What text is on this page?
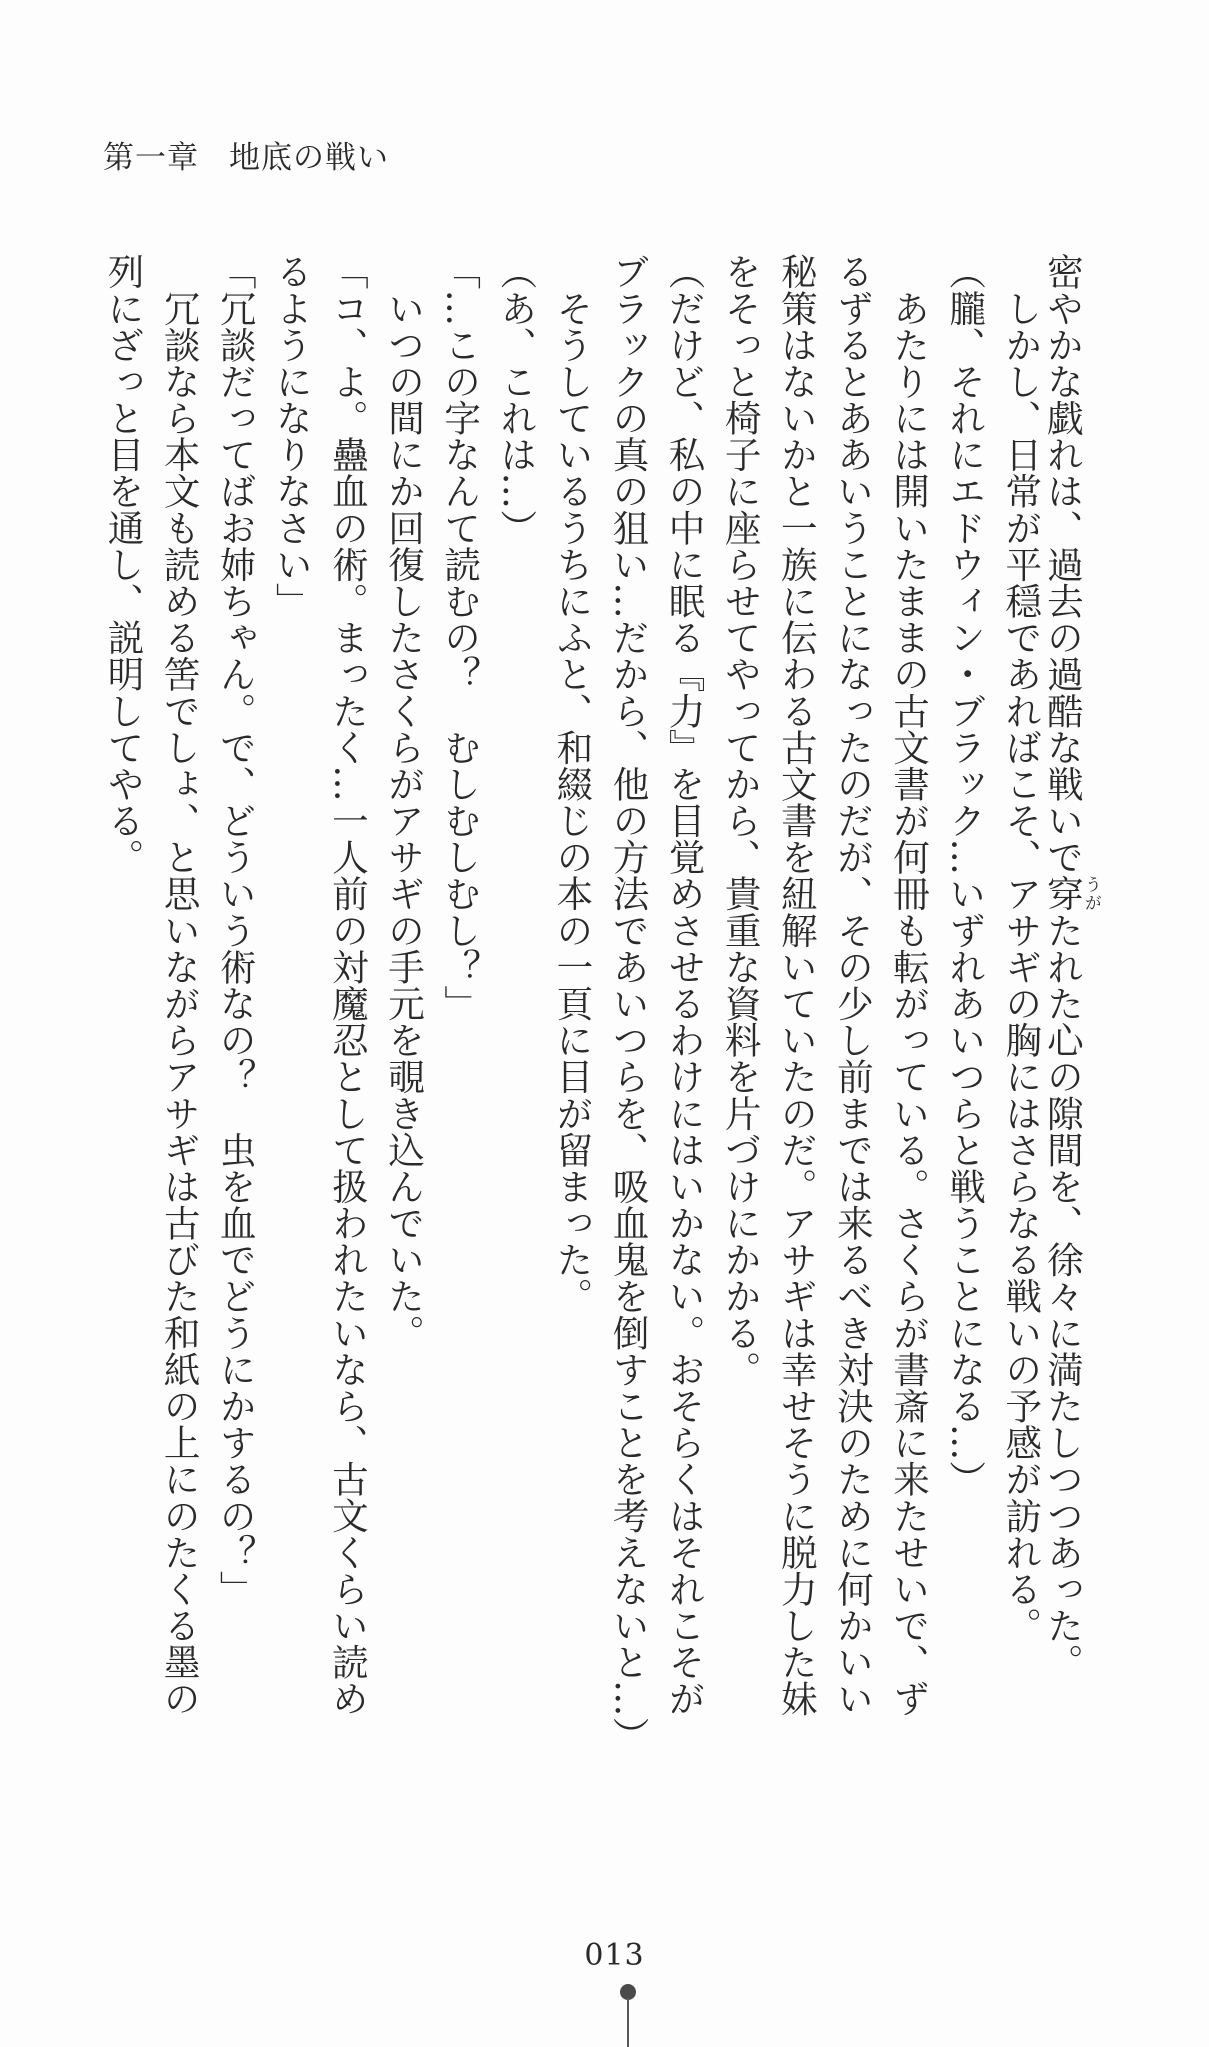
第一章 地底の戦い
密やかな戯れは、過去の過酷な戦いで穿うがたれた心の隙間を、徐々に満たしつつあった。
　しかし、日常が平穏であればこそ、アサギの胸にはさらなる戦いの予感が訪れる。
（朧、それにエドウィン・ブラック…いずれあいつらと戦うことになる…）
　あたりには開いたままの古文書が何冊も転がっている。さくらが書斎に来たせいで、ず
るずるとああいうことになったのだが、その少し前までは来るべき対決のために何かいい
秘策はないかと一族に伝わる古文書を紐解いていたのだ。アサギは幸せそうに脱力した妹
をそっと椅子に座らせてやってから、貴重な資料を片づけにかかる。
（だけど、私の中に眠る『力』を目覚めさせるわけにはいかない。おそらくはそれこそが
ブラックの真の狙い…だから、他の方法であいつらを、吸血鬼を倒すことを考えないと…）
　そうしているうちにふと、和綴じの本の一頁に目が留まった。
（あ、これは…）
「…この字なんて読むの？　むしむしむし？」
　いつの間にか回復したさくらがアサギの手元を覗き込んでいた。
「コ、よ。蠱血の術。まったく…一人前の対魔忍として扱われたいなら、古文くらい読め
るようになりなさい」
「冗談だってばお姉ちゃん。で、どういう術なの？　虫を血でどうにかするの？」
　冗談なら本文も読める筈でしょ、と思いながらアサギは古びた和紙の上にのたくる墨の
列にざっと目を通し、説明してやる。
013
